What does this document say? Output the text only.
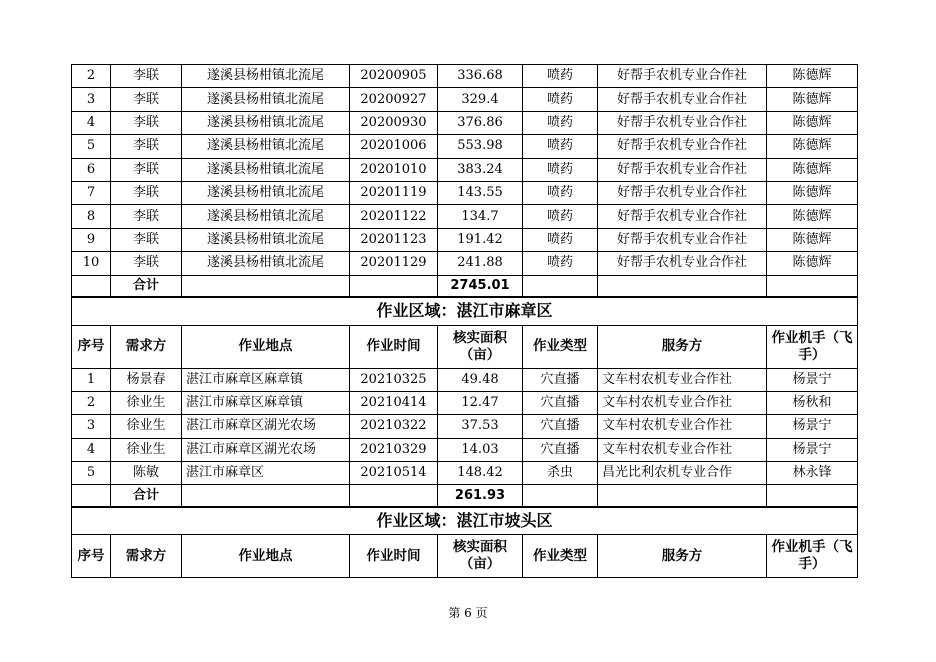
2	李联	遂溪县杨柑镇北流尾	20200905	336.68	喷药	好帮手农机专业合作社	陈德辉
3	李联	遂溪县杨柑镇北流尾	20200927	329.4	喷药	好帮手农机专业合作社	陈德辉
4	李联	遂溪县杨柑镇北流尾	20200930	376.86	喷药	好帮手农机专业合作社	陈德辉
5	李联	遂溪县杨柑镇北流尾	20201006	553.98	喷药	好帮手农机专业合作社	陈德辉
6	李联	遂溪县杨柑镇北流尾	20201010	383.24	喷药	好帮手农机专业合作社	陈德辉
7	李联	遂溪县杨柑镇北流尾	20201119	143.55	喷药	好帮手农机专业合作社	陈德辉
8	李联	遂溪县杨柑镇北流尾	20201122	134.7	喷药	好帮手农机专业合作社	陈德辉
9	李联	遂溪县杨柑镇北流尾	20201123	191.42	喷药	好帮手农机专业合作社	陈德辉
10	李联	遂溪县杨柑镇北流尾	20201129	241.88	喷药	好帮手农机专业合作社	陈德辉
	合计			2745.01			
作业区域：湛江市麻章区							
序号	需求方	作业地点	作业时间	核实面积（亩）	作业类型	服务方	作业机手（飞手）
1	杨景春	湛江市麻章区麻章镇	20210325	49.48	穴直播	文车村农机专业合作社	杨景宁
2	徐业生	湛江市麻章区麻章镇	20210414	12.47	穴直播	文车村农机专业合作社	杨秋和
3	徐业生	湛江市麻章区湖光农场	20210322	37.53	穴直播	文车村农机专业合作社	杨景宁
4	徐业生	湛江市麻章区湖光农场	20210329	14.03	穴直播	文车村农机专业合作社	杨景宁
5	陈敏	湛江市麻章区	20210514	148.42	杀虫	昌光比利农机专业合作	林永锋
	合计			261.93			
作业区域：湛江市坡头区							
序号	需求方	作业地点	作业时间	核实面积（亩）	作业类型	服务方	作业机手（飞手）
第 6 页
